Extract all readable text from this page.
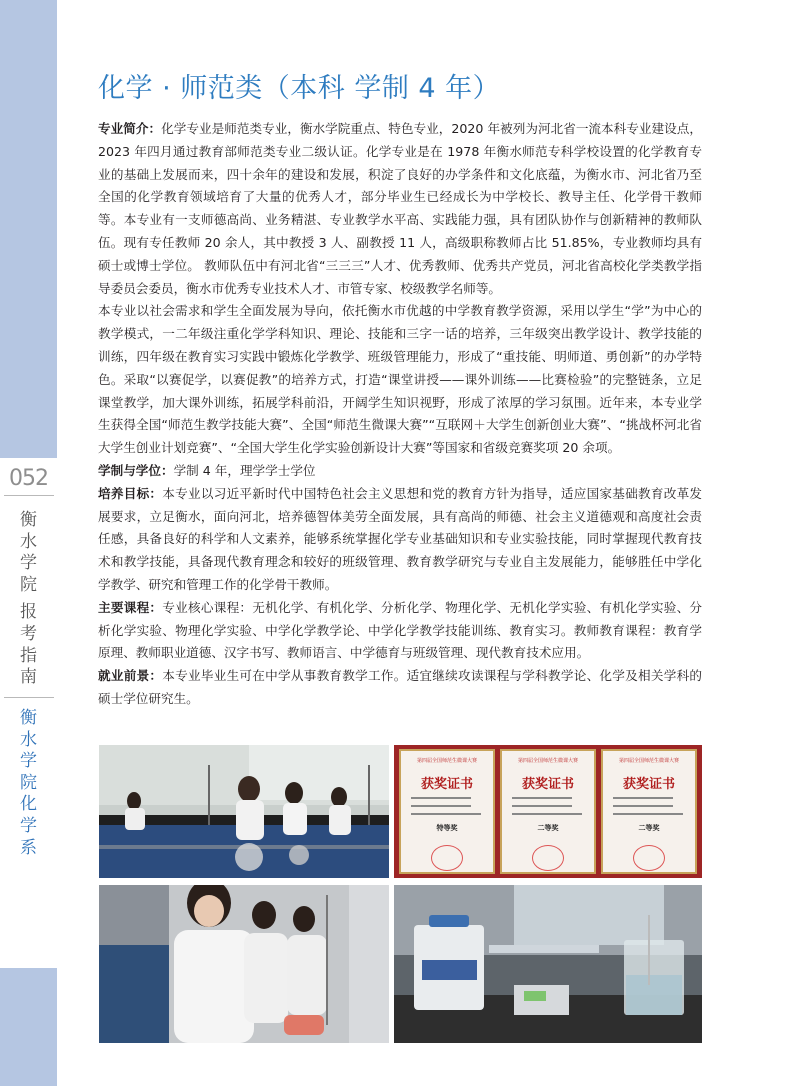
052
衡
水
学
院
报
考
指
南
衡
水
学
院
化
学
系
化学 · 师范类（本科 学制 4 年）

专业简介：化学专业是师范类专业，衡水学院重点、特色专业，2020 年被列为河北省一流本科专业建设点，2023 年四月通过教育部师范类专业二级认证。化学专业是在 1978 年衡水师范专科学校设置的化学教育专业的基础上发展而来，四十余年的建设和发展，积淀了良好的办学条件和文化底蕴，为衡水市、河北省乃至全国的化学教育领域培育了大量的优秀人才，部分毕业生已经成长为中学校长、教导主任、化学骨干教师等。本专业有一支师德高尚、业务精湛、专业教学水平高、实践能力强，具有团队协作与创新精神的教师队伍。现有专任教师 20 余人，其中教授 3 人、副教授 11 人，高级职称教师占比 51.85%，专业教师均具有硕士或博士学位。 教师队伍中有河北省“三三三”人才、优秀教师、优秀共产党员，河北省高校化学类教学指导委员会委员，衡水市优秀专业技术人才、市管专家、校级教学名师等。

本专业以社会需求和学生全面发展为导向，依托衡水市优越的中学教育教学资源，采用以学生“学”为中心的教学模式，一二年级注重化学学科知识、理论、技能和三字一话的培养，三年级突出教学设计、教学技能的训练，四年级在教育实习实践中锻炼化学教学、班级管理能力，形成了“重技能、明师道、勇创新”的办学特色。采取“以赛促学，以赛促教”的培养方式，打造“课堂讲授——课外训练——比赛检验”的完整链条，立足课堂教学，加大课外训练，拓展学科前沿，开阔学生知识视野，形成了浓厚的学习氛围。近年来，本专业学生获得全国“师范生教学技能大赛”、全国“师范生微课大赛”“互联网＋大学生创新创业大赛”、“挑战杯河北省大学生创业计划竞赛”、“全国大学生化学实验创新设计大赛”等国家和省级竞赛奖项 20 余项。

学制与学位：学制 4 年，理学学士学位

培养目标：本专业以习近平新时代中国特色社会主义思想和党的教育方针为指导，适应国家基础教育改革发展要求，立足衡水，面向河北，培养德智体美劳全面发展，具有高尚的师德、社会主义道德观和高度社会责任感，具备良好的科学和人文素养，能够系统掌握化学专业基础知识和专业实验技能，同时掌握现代教育技术和教学技能，具备现代教育理念和较好的班级管理、教育教学研究与专业自主发展能力，能够胜任中学化学教学、研究和管理工作的化学骨干教师。

主要课程：专业核心课程：无机化学、有机化学、分析化学、物理化学、无机化学实验、有机化学实验、分析化学实验、物理化学实验、中学化学教学论、中学化学教学技能训练、教育实习。教师教育课程：教育学原理、教师职业道德、汉字书写、教师语言、中学德育与班级管理、现代教育技术应用。

就业前景：本专业毕业生可在中学从事教育教学工作。适宜继续攻读课程与学科教学论、化学及相关学科的硕士学位研究生。

第四届全国师范生微课大赛
获奖证书
特等奖
第四届全国师范生微课大赛
获奖证书
二等奖
第四届全国师范生微课大赛
获奖证书
二等奖
